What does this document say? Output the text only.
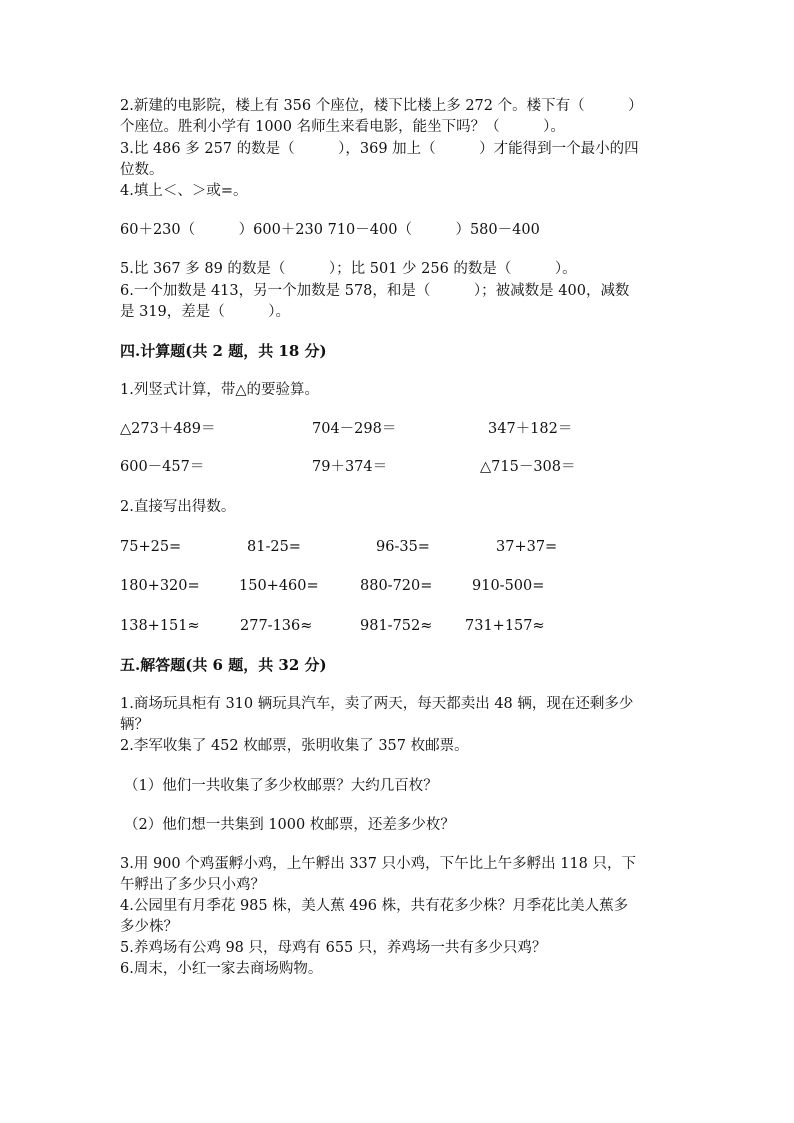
2.新建的电影院，楼上有 356 个座位，楼下比楼上多 272 个。楼下有（　　　）
个座位。胜利小学有 1000 名师生来看电影，能坐下吗？（　　　）。
3.比 486 多 257 的数是（　　　），369 加上（　　　）才能得到一个最小的四
位数。
4.填上＜、＞或=。
60＋230（　　　）600＋230 710－400（　　　）580－400
5.比 367 多 89 的数是（　　　）；比 501 少 256 的数是（　　　）。
6.一个加数是 413，另一个加数是 578，和是（　　　）；被减数是 400，减数
是 319，差是（　　　）。
四.计算题(共 2 题，共 18 分)
1.列竖式计算，带△的要验算。
△273＋489＝	704－298＝	347＋182＝
600－457＝	79＋374＝	△715－308＝
2.直接写出得数。
75+25=	81-25=	96-35=	37+37=
180+320=	150+460=	880-720=	910-500=
138+151≈	277-136≈	981-752≈ 731+157≈
五.解答题(共 6 题，共 32 分)
1.商场玩具柜有 310 辆玩具汽车，卖了两天，每天都卖出 48 辆，现在还剩多少
辆？
2.李军收集了 452 枚邮票，张明收集了 357 枚邮票。
（1）他们一共收集了多少枚邮票？大约几百枚？
（2）他们想一共集到 1000 枚邮票，还差多少枚？
3.用 900 个鸡蛋孵小鸡，上午孵出 337 只小鸡，下午比上午多孵出 118 只，下
午孵出了多少只小鸡？
4.公园里有月季花 985 株，美人蕉 496 株，共有花多少株？月季花比美人蕉多
多少株？
5.养鸡场有公鸡 98 只，母鸡有 655 只，养鸡场一共有多少只鸡？
6.周末，小红一家去商场购物。
